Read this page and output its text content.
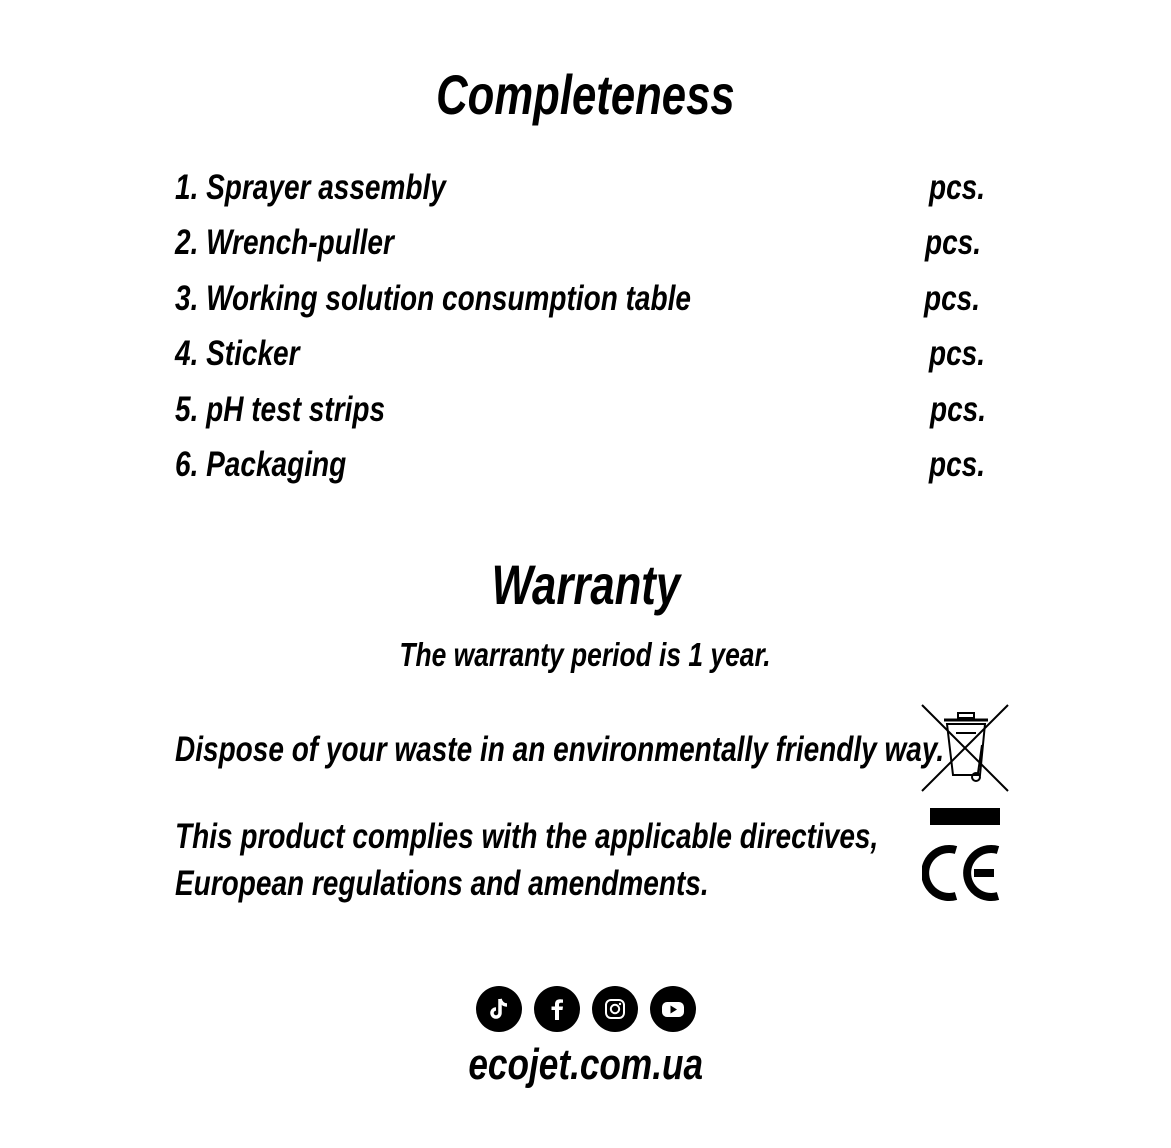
Completeness
1. Sprayer assembly	pcs.
2. Wrench-puller	pcs.
3. Working solution consumption table	pcs.
4. Sticker	pcs.
5. pH test strips	pcs.
6. Packaging	pcs.
Warranty
The warranty period is 1 year.
Dispose of your waste in an environmentally friendly way.
This product complies with the applicable directives,
European regulations and amendments.
ecojet.com.ua
